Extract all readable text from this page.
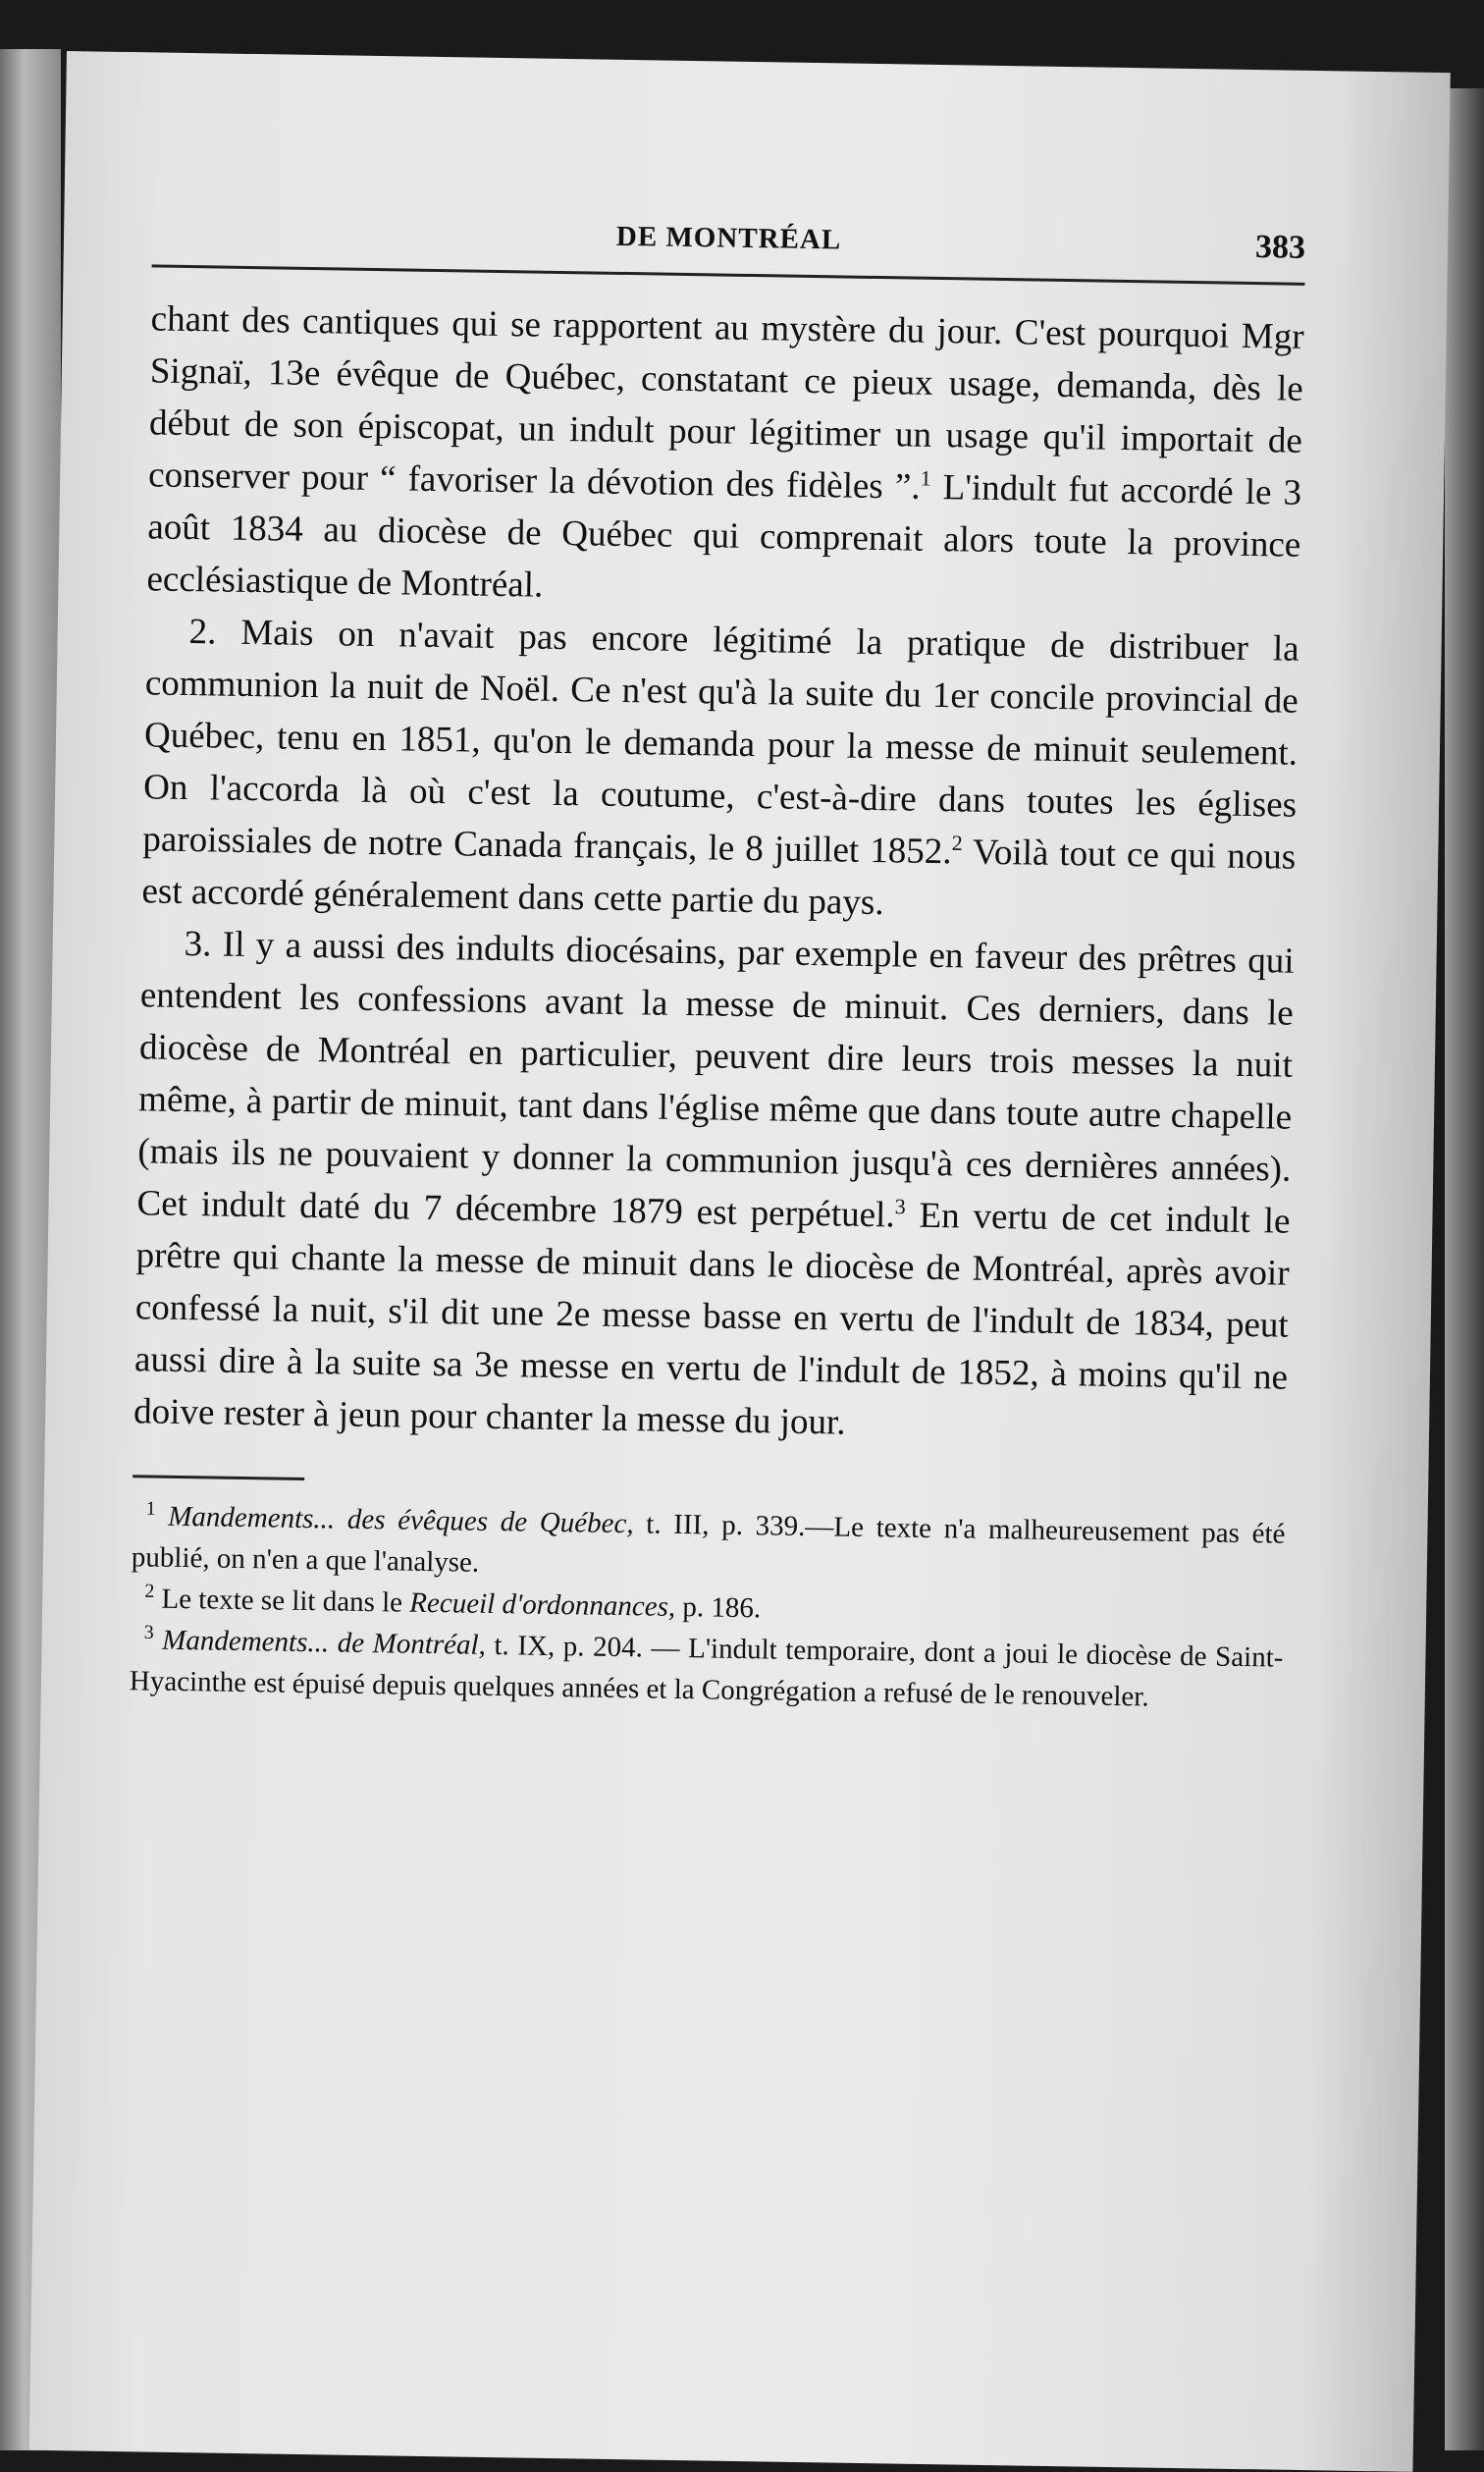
DE MONTRÉAL	383

chant des cantiques qui se rapportent au mystère du jour. C'est pourquoi Mgr Signaï, 13e évêque de Québec, constatant ce pieux usage, demanda, dès le début de son épiscopat, un indult pour légitimer un usage qu'il importait de conserver pour “ favoriser la dévotion des fidèles ”.$^1$ L'indult fut accordé le 3 août 1834 au diocèse de Québec qui comprenait alors toute la province ecclésiastique de Montréal.

2. Mais on n'avait pas encore légitimé la pratique de distribuer la communion la nuit de Noël. Ce n'est qu'à la suite du 1er concile provincial de Québec, tenu en 1851, qu'on le demanda pour la messe de minuit seulement. On l'accorda là où c'est la coutume, c'est-à-dire dans toutes les églises paroissiales de notre Canada français, le 8 juillet 1852.$^2$ Voilà tout ce qui nous est accordé généralement dans cette partie du pays.

3. Il y a aussi des indults diocésains, par exemple en faveur des prêtres qui entendent les confessions avant la messe de minuit. Ces derniers, dans le diocèse de Montréal en particulier, peuvent dire leurs trois messes la nuit même, à partir de minuit, tant dans l'église même que dans toute autre chapelle (mais ils ne pouvaient y donner la communion jusqu'à ces dernières années). Cet indult daté du 7 décembre 1879 est perpétuel.$^3$ En vertu de cet indult le prêtre qui chante la messe de minuit dans le diocèse de Montréal, après avoir confessé la nuit, s'il dit une 2e messe basse en vertu de l'indult de 1834, peut aussi dire à la suite sa 3e messe en vertu de l'indult de 1852, à moins qu'il ne doive rester à jeun pour chanter la messe du jour.

$^1$ Mandements... des évêques de Québec, t. III, p. 339.—Le texte n'a malheureusement pas été publié, on n'en a que l'analyse.

$^2$ Le texte se lit dans le Recueil d'ordonnances, p. 186.

$^3$ Mandements... de Montréal, t. IX, p. 204. — L'indult temporaire, dont a joui le diocèse de Saint-Hyacinthe est épuisé depuis quelques années et la Congrégation a refusé de le renouveler.
